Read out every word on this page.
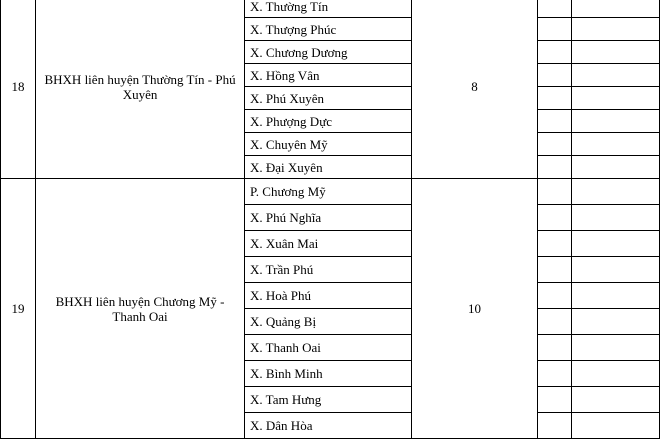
18	BHXH liên huyện Thường Tín - Phú Xuyên	X. Thường Tín	8		
		X. Thượng Phúc			
		X. Chương Dương			
		X. Hồng Vân			
		X. Phú Xuyên			
		X. Phượng Dực			
		X. Chuyên Mỹ			
		X. Đại Xuyên			
19	BHXH liên huyện Chương Mỹ - Thanh Oai	P. Chương Mỹ	10		
		X. Phú Nghĩa			
		X. Xuân Mai			
		X. Trần Phú			
		X. Hoà Phú			
		X. Quảng Bị			
		X. Thanh Oai			
		X. Bình Minh			
		X. Tam Hưng			
		X. Dân Hòa			
